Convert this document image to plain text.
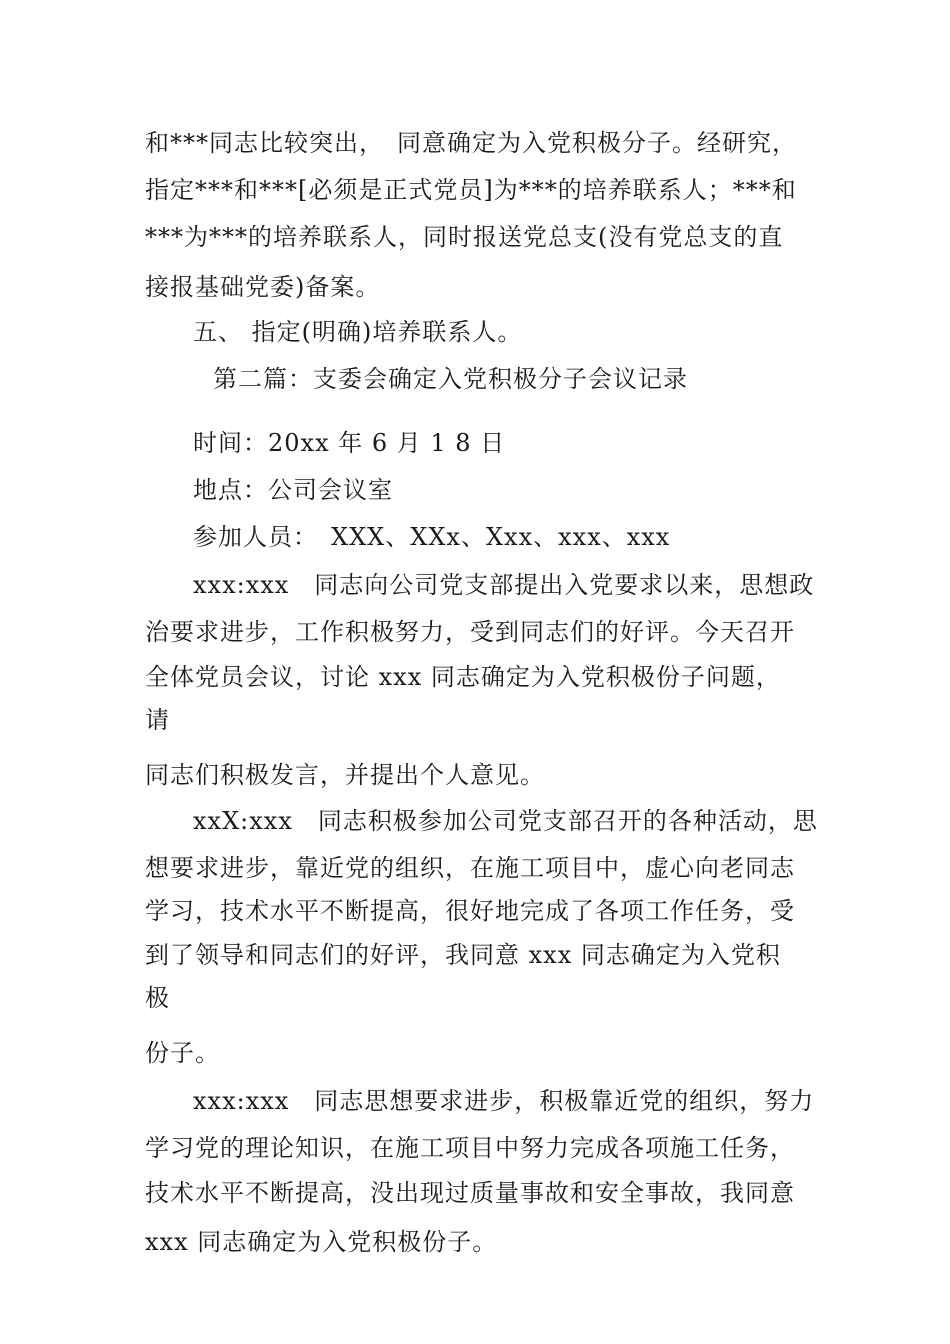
和***同志比较突出，　同意确定为入党积极分子。经研究，
指定***和***[必须是正式党员]为***的培养联系人；***和
***为***的培养联系人，同时报送党总支(没有党总支的直
接报基础党委)备案。
五、 指定(明确)培养联系人。
第二篇：支委会确定入党积极分子会议记录
时间：20xx 年 6 月 1 8 日
地点：公司会议室
参加人员：　XXX、XXx、Xxx、xxx、xxx
xxx:xxx　同志向公司党支部提出入党要求以来，思想政
治要求进步，工作积极努力，受到同志们的好评。今天召开
全体党员会议，讨论 xxx 同志确定为入党积极份子问题，
请
同志们积极发言，并提出个人意见。
xxX:xxx　同志积极参加公司党支部召开的各种活动，思
想要求进步，靠近党的组织，在施工项目中，虚心向老同志
学习，技术水平不断提高，很好地完成了各项工作任务，受
到了领导和同志们的好评，我同意 xxx 同志确定为入党积
极
份子。
xxx:xxx　同志思想要求进步，积极靠近党的组织，努力
学习党的理论知识，在施工项目中努力完成各项施工任务，
技术水平不断提高，没出现过质量事故和安全事故，我同意
xxx 同志确定为入党积极份子。
